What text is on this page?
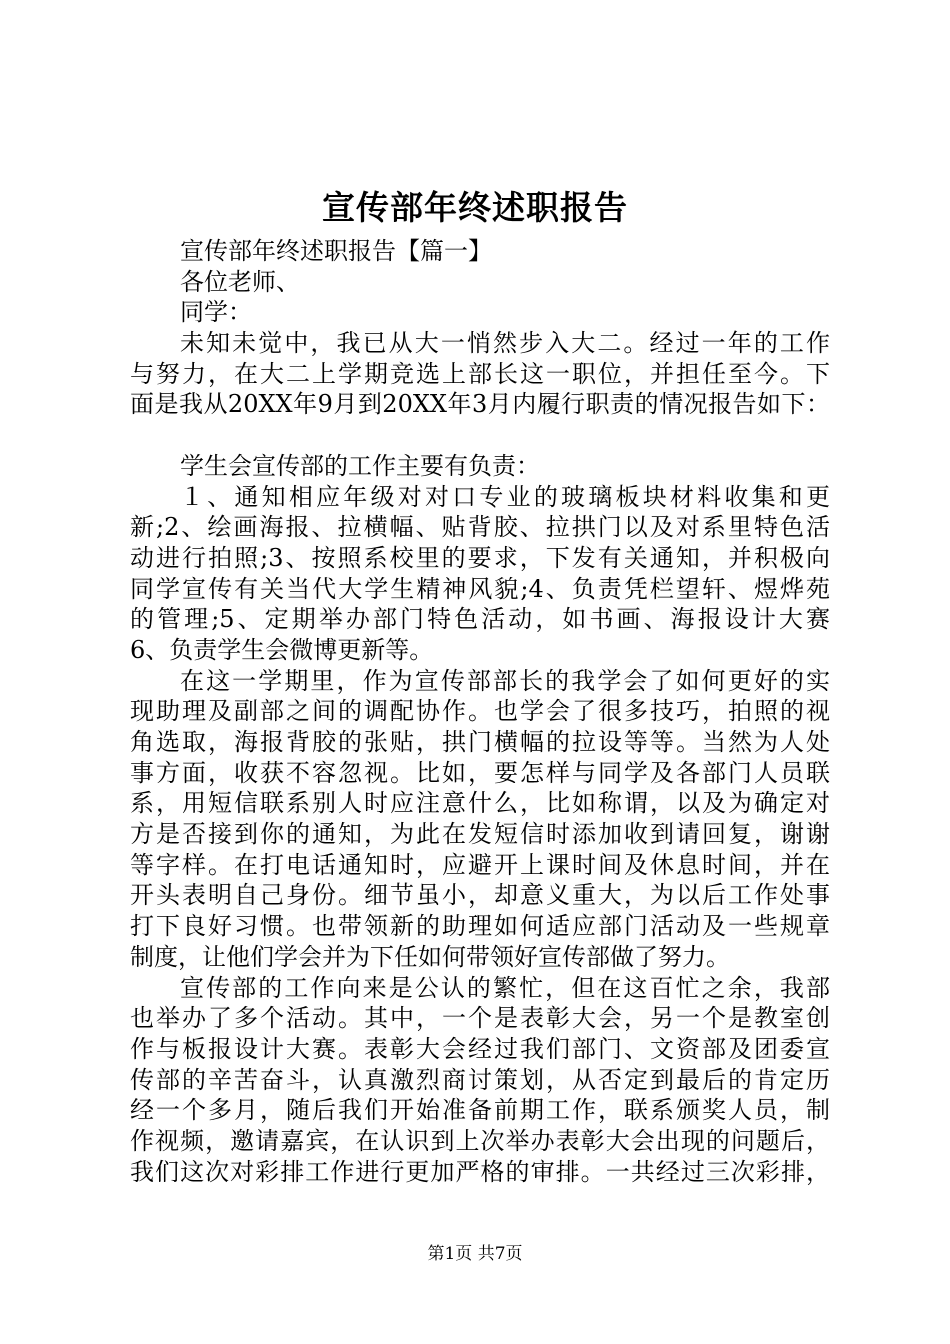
宣传部年终述职报告
宣传部年终述职报告【篇一】
各位老师、
同学：
未知未觉中，我已从大一悄然步入大二。经过一年的工作
与努力，在大二上学期竞选上部长这一职位，并担任至今。下
面是我从20XX年9月到20XX年3月内履行职责的情况报告如下：
学生会宣传部的工作主要有负责：
１、通知相应年级对对口专业的玻璃板块材料收集和更
新;2、绘画海报、拉横幅、贴背胶、拉拱门以及对系里特色活
动进行拍照;3、按照系校里的要求，下发有关通知，并积极向
同学宣传有关当代大学生精神风貌;4、负责凭栏望轩、煜烨苑
的管理;5、定期举办部门特色活动，如书画、海报设计大赛
6、负责学生会微博更新等。
在这一学期里，作为宣传部部长的我学会了如何更好的实
现助理及副部之间的调配协作。也学会了很多技巧，拍照的视
角选取，海报背胶的张贴，拱门横幅的拉设等等。当然为人处
事方面，收获不容忽视。比如，要怎样与同学及各部门人员联
系，用短信联系别人时应注意什么，比如称谓，以及为确定对
方是否接到你的通知，为此在发短信时添加收到请回复，谢谢
等字样。在打电话通知时，应避开上课时间及休息时间，并在
开头表明自己身份。细节虽小，却意义重大，为以后工作处事
打下良好习惯。也带领新的助理如何适应部门活动及一些规章
制度，让他们学会并为下任如何带领好宣传部做了努力。
宣传部的工作向来是公认的繁忙，但在这百忙之余，我部
也举办了多个活动。其中，一个是表彰大会，另一个是教室创
作与板报设计大赛。表彰大会经过我们部门、文资部及团委宣
传部的辛苦奋斗，认真激烈商讨策划，从否定到最后的肯定历
经一个多月，随后我们开始准备前期工作，联系颁奖人员，制
作视频，邀请嘉宾，在认识到上次举办表彰大会出现的问题后，
我们这次对彩排工作进行更加严格的审排。一共经过三次彩排，
第1页 共7页
